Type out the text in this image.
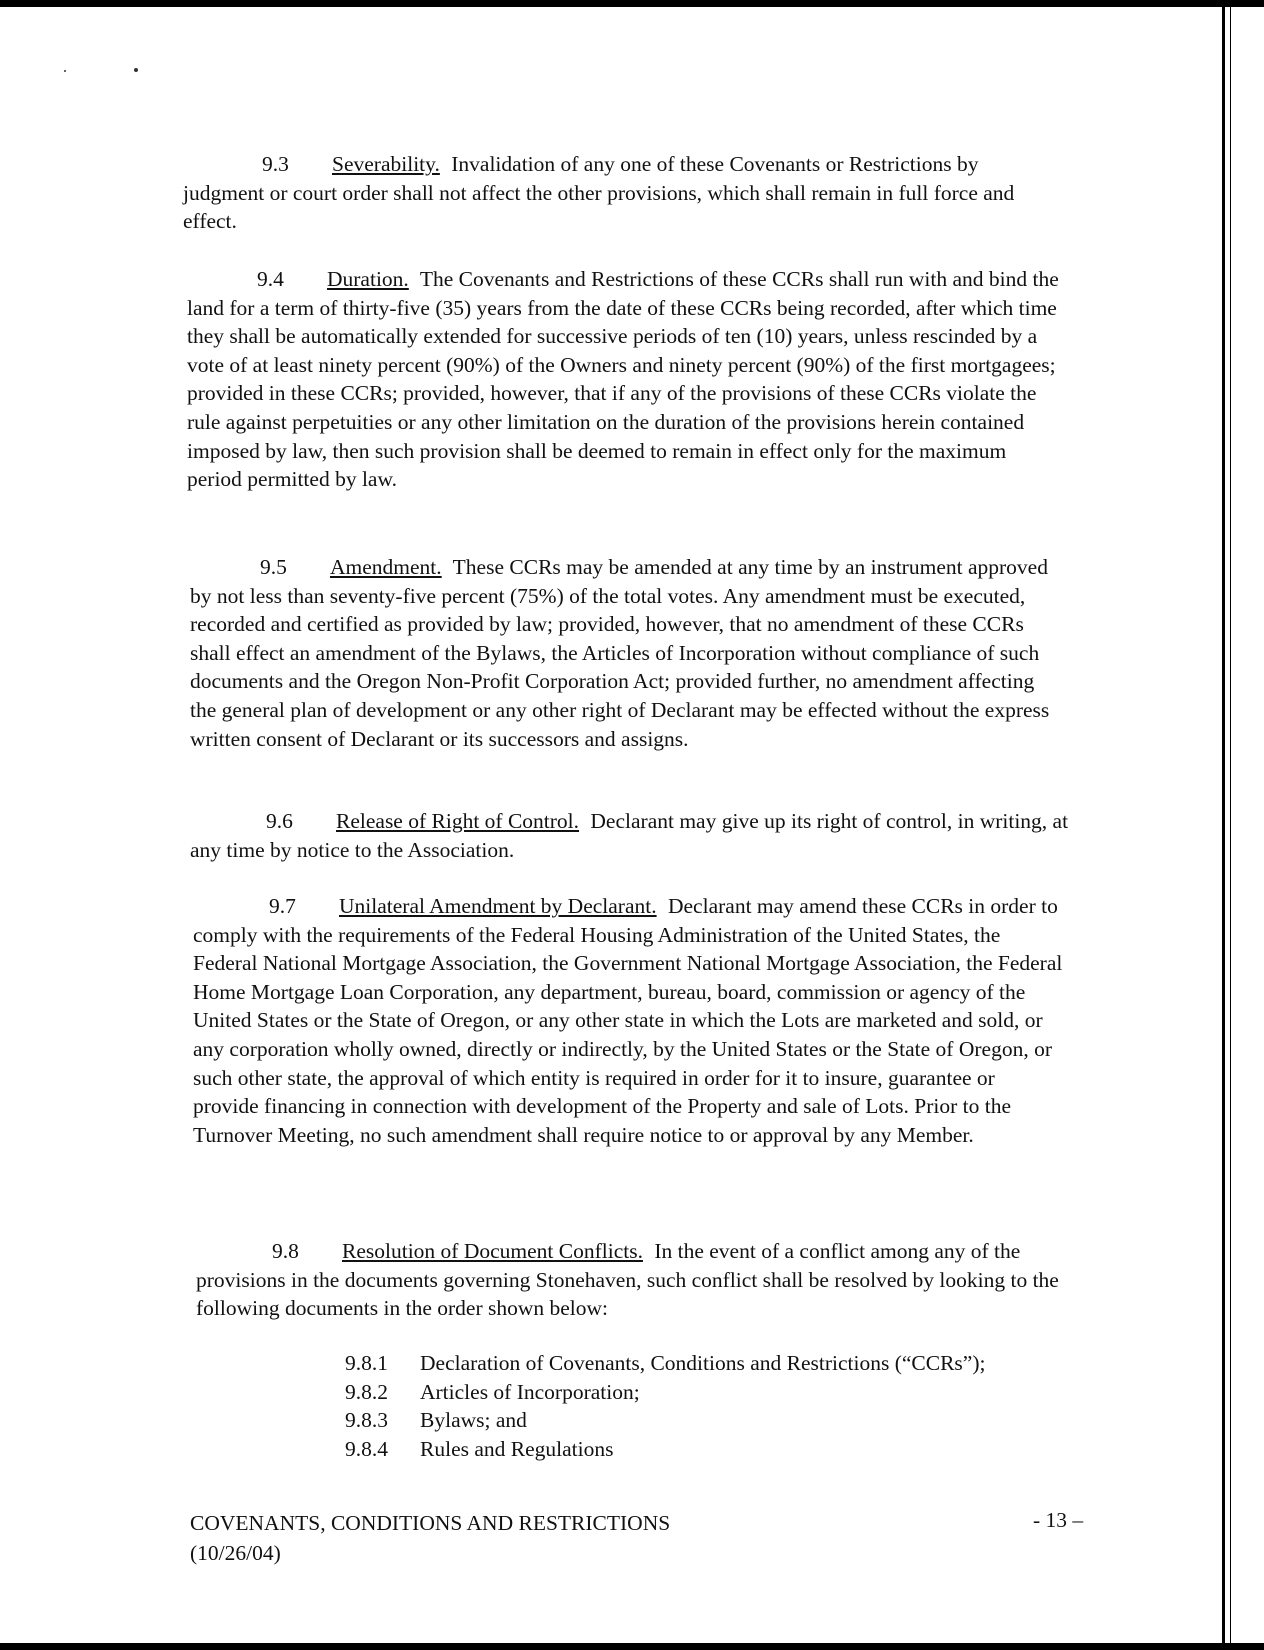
9.3 Severability. Invalidation of any one of these Covenants or Restrictions by judgment or court order shall not affect the other provisions, which shall remain in full force and effect.

9.4 Duration. The Covenants and Restrictions of these CCRs shall run with and bind the land for a term of thirty-five (35) years from the date of these CCRs being recorded, after which time they shall be automatically extended for successive periods of ten (10) years, unless rescinded by a vote of at least ninety percent (90%) of the Owners and ninety percent (90%) of the first mortgagees; provided in these CCRs; provided, however, that if any of the provisions of these CCRs violate the rule against perpetuities or any other limitation on the duration of the provisions herein contained imposed by law, then such provision shall be deemed to remain in effect only for the maximum period permitted by law.

9.5 Amendment. These CCRs may be amended at any time by an instrument approved by not less than seventy-five percent (75%) of the total votes. Any amendment must be executed, recorded and certified as provided by law; provided, however, that no amendment of these CCRs shall effect an amendment of the Bylaws, the Articles of Incorporation without compliance of such documents and the Oregon Non-Profit Corporation Act; provided further, no amendment affecting the general plan of development or any other right of Declarant may be effected without the express written consent of Declarant or its successors and assigns.

9.6 Release of Right of Control. Declarant may give up its right of control, in writing, at any time by notice to the Association.

9.7 Unilateral Amendment by Declarant. Declarant may amend these CCRs in order to comply with the requirements of the Federal Housing Administration of the United States, the Federal National Mortgage Association, the Government National Mortgage Association, the Federal Home Mortgage Loan Corporation, any department, bureau, board, commission or agency of the United States or the State of Oregon, or any other state in which the Lots are marketed and sold, or any corporation wholly owned, directly or indirectly, by the United States or the State of Oregon, or such other state, the approval of which entity is required in order for it to insure, guarantee or provide financing in connection with development of the Property and sale of Lots. Prior to the Turnover Meeting, no such amendment shall require notice to or approval by any Member.

9.8 Resolution of Document Conflicts. In the event of a conflict among any of the provisions in the documents governing Stonehaven, such conflict shall be resolved by looking to the following documents in the order shown below:

9.8.1	Declaration of Covenants, Conditions and Restrictions (“CCRs”);
9.8.2	Articles of Incorporation;
9.8.3	Bylaws; and
9.8.4	Rules and Regulations
COVENANTS, CONDITIONS AND RESTRICTIONS
(10/26/04)
- 13 –
